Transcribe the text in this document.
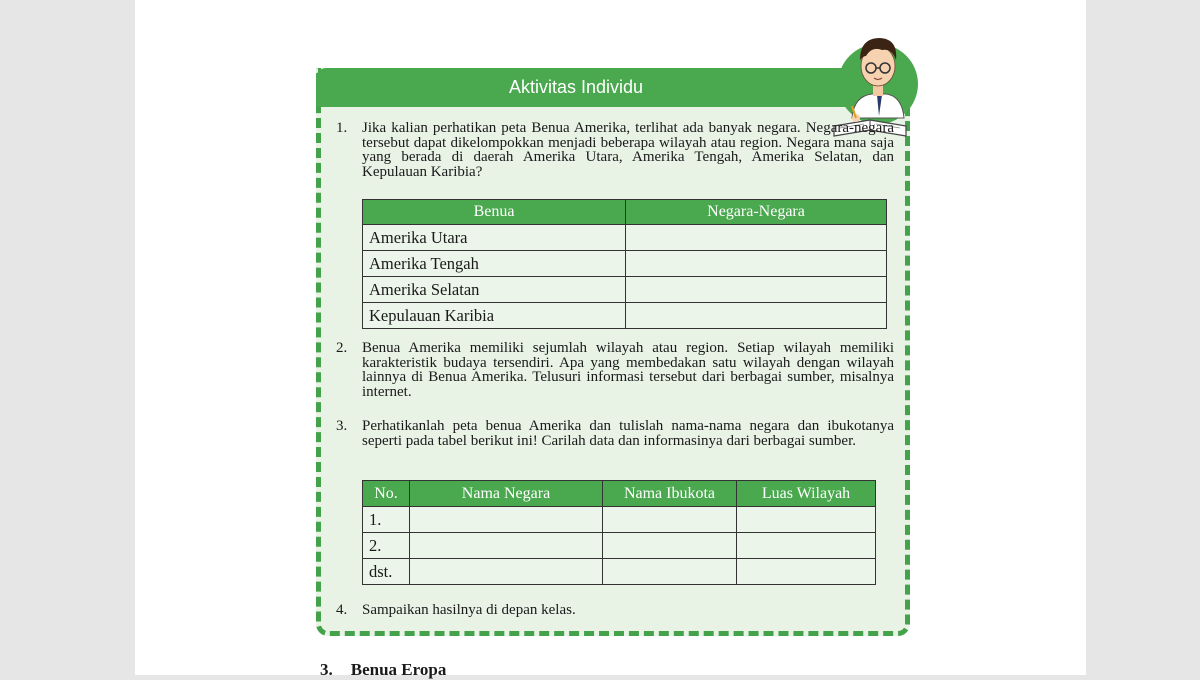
Aktivitas Individu
1. Jika kalian perhatikan peta Benua Amerika, terlihat ada banyak negara. Negara-negara tersebut dapat dikelompokkan menjadi beberapa wilayah atau region. Negara mana saja yang berada di daerah Amerika Utara, Amerika Tengah, Amerika Selatan, dan Kepulauan Karibia?
Benua	Negara-Negara
Amerika Utara	
Amerika Tengah	
Amerika Selatan	
Kepulauan Karibia	
2. Benua Amerika memiliki sejumlah wilayah atau region. Setiap wilayah memiliki karakteristik budaya tersendiri. Apa yang membedakan satu wilayah dengan wilayah lainnya di Benua Amerika. Telusuri informasi tersebut dari berbagai sumber, misalnya internet.
3. Perhatikanlah peta benua Amerika dan tulislah nama-nama negara dan ibukotanya seperti pada tabel berikut ini! Carilah data dan informasinya dari berbagai sumber.
No.	Nama Negara	Nama Ibukota	Luas Wilayah
1.			
2.			
dst.			
4. Sampaikan hasilnya di depan kelas.
3. Benua Eropa
